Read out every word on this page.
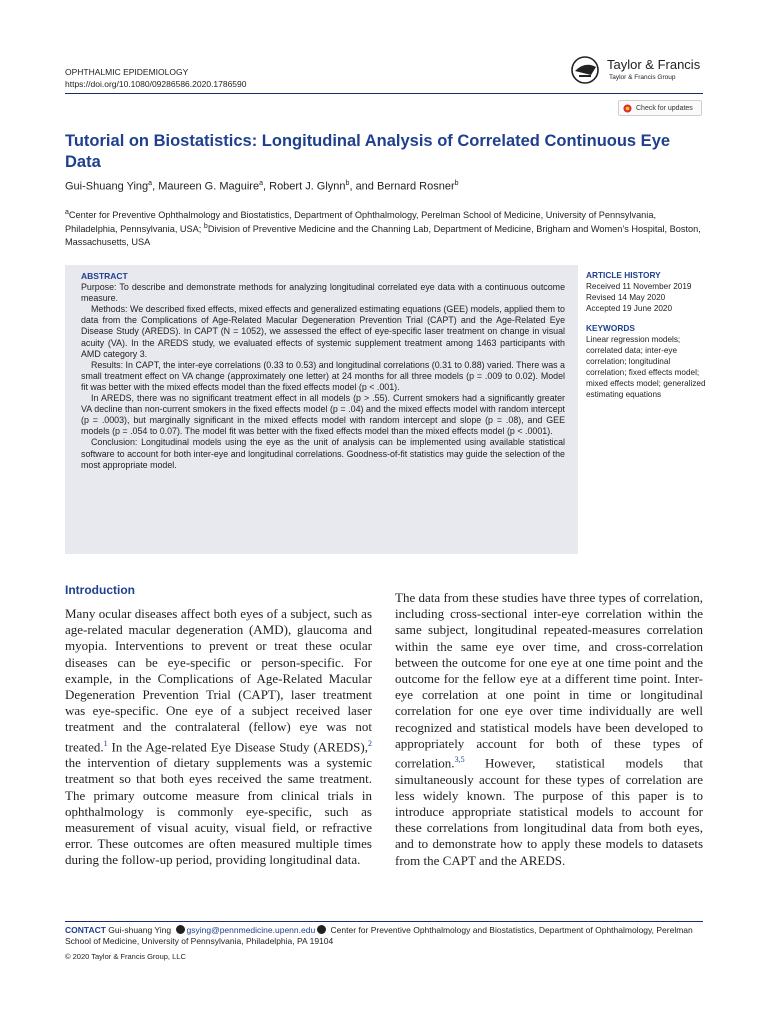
OPHTHALMIC EPIDEMIOLOGY
https://doi.org/10.1080/09286586.2020.1786590
Taylor & Francis
Taylor & Francis Group
Check for updates
Tutorial on Biostatistics: Longitudinal Analysis of Correlated Continuous Eye Data
Gui-Shuang Ying$^a$, Maureen G. Maguire$^a$, Robert J. Glynn$^b$, and Bernard Rosner$^b$
$^a$Center for Preventive Ophthalmology and Biostatistics, Department of Ophthalmology, Perelman School of Medicine, University of Pennsylvania, Philadelphia, Pennsylvania, USA; $^b$Division of Preventive Medicine and the Channing Lab, Department of Medicine, Brigham and Women’s Hospital, Boston, Massachusetts, USA
ABSTRACT

Purpose: To describe and demonstrate methods for analyzing longitudinal correlated eye data with a continuous outcome measure.

Methods: We described fixed effects, mixed effects and generalized estimating equations (GEE) models, applied them to data from the Complications of Age-Related Macular Degeneration Prevention Trial (CAPT) and the Age-Related Eye Disease Study (AREDS). In CAPT (N = 1052), we assessed the effect of eye-specific laser treatment on change in visual acuity (VA). In the AREDS study, we evaluated effects of systemic supplement treatment among 1463 participants with AMD category 3.

Results: In CAPT, the inter-eye correlations (0.33 to 0.53) and longitudinal correlations (0.31 to 0.88) varied. There was a small treatment effect on VA change (approximately one letter) at 24 months for all three models (p = .009 to 0.02). Model fit was better with the mixed effects model than the fixed effects model (p < .001).

In AREDS, there was no significant treatment effect in all models (p > .55). Current smokers had a significantly greater VA decline than non-current smokers in the fixed effects model (p = .04) and the mixed effects model with random intercept (p = .0003), but marginally significant in the mixed effects model with random intercept and slope (p = .08), and GEE models (p = .054 to 0.07). The model fit was better with the fixed effects model than the mixed effects model (p < .0001).

Conclusion: Longitudinal models using the eye as the unit of analysis can be implemented using available statistical software to account for both inter-eye and longitudinal correlations. Goodness-of-fit statistics may guide the selection of the most appropriate model.

ARTICLE HISTORY
Received 11 November 2019
Revised 14 May 2020
Accepted 19 June 2020
KEYWORDS
Linear regression models; correlated data; inter-eye correlation; longitudinal correlation; fixed effects model; mixed effects model; generalized estimating equations
Introduction
Many ocular diseases affect both eyes of a subject, such as age-related macular degeneration (AMD), glaucoma and myopia. Interventions to prevent or treat these ocular diseases can be eye-specific or person-specific. For example, in the Complications of Age-Related Macular Degeneration Prevention Trial (CAPT), laser treatment was eye-specific. One eye of a subject received laser treatment and the contralateral (fellow) eye was not treated.$^1$ In the Age-related Eye Disease Study (AREDS),$^2$ the intervention of dietary supplements was a systemic treatment so that both eyes received the same treatment. The primary outcome measure from clinical trials in ophthalmology is commonly eye-specific, such as measurement of visual acuity, visual field, or refractive error. These outcomes are often measured multiple times during the follow-up period, providing longitudinal data.
The data from these studies have three types of correlation, including cross-sectional inter-eye correlation within the same subject, longitudinal repeated-measures correlation within the same eye over time, and cross-correlation between the outcome for one eye at one time point and the outcome for the fellow eye at a different time point. Inter-eye correlation at one point in time or longitudinal correlation for one eye over time individually are well recognized and statistical models have been developed to appropriately account for both of these types of correlation.$^{3,5}$ However, statistical models that simultaneously account for these types of correlation are less widely known. The purpose of this paper is to introduce appropriate statistical models to account for these correlations from longitudinal data from both eyes, and to demonstrate how to apply these models to datasets from the CAPT and the AREDS.
CONTACT Gui-shuang Ying gsying@pennmedicine.upenn.edu Center for Preventive Ophthalmology and Biostatistics, Department of Ophthalmology, Perelman School of Medicine, University of Pennsylvania, Philadelphia, PA 19104
© 2020 Taylor & Francis Group, LLC
